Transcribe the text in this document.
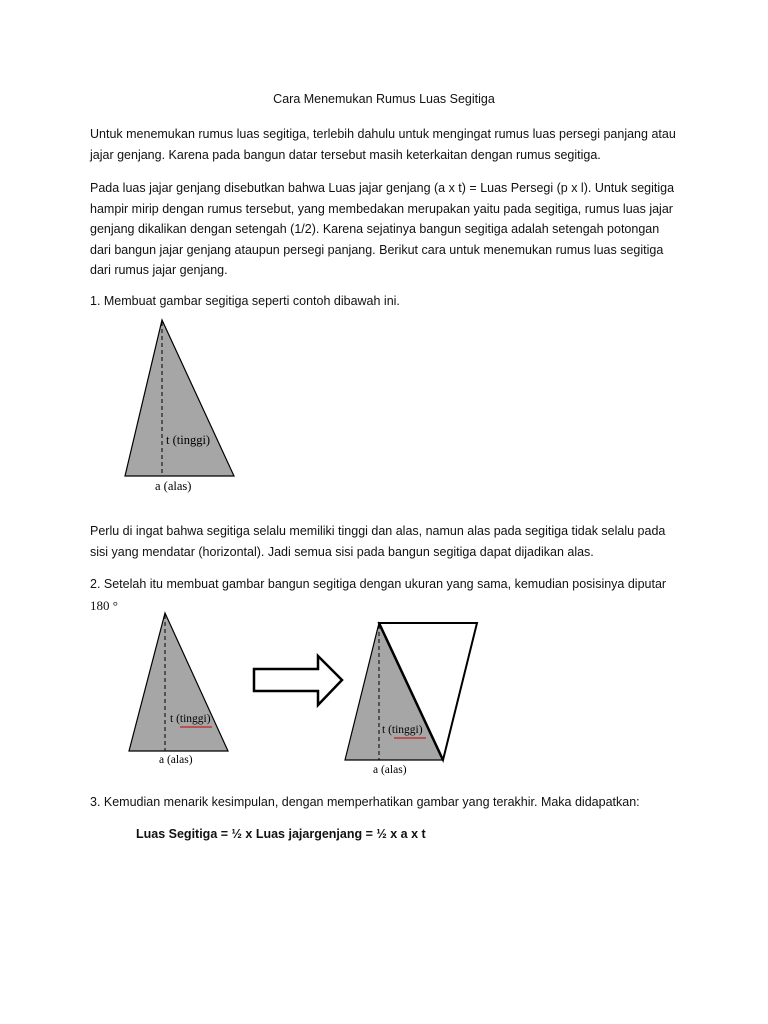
Cara Menemukan Rumus Luas Segitiga

Untuk menemukan rumus luas segitiga, terlebih dahulu untuk mengingat rumus luas persegi panjang atau jajar genjang. Karena pada bangun datar tersebut masih keterkaitan dengan rumus segitiga.

Pada luas jajar genjang disebutkan bahwa Luas jajar genjang (a x t) = Luas Persegi (p x l). Untuk segitiga hampir mirip dengan rumus tersebut, yang membedakan merupakan yaitu pada segitiga, rumus luas jajar genjang dikalikan dengan setengah (1/2). Karena sejatinya bangun segitiga adalah setengah potongan dari bangun jajar genjang ataupun persegi panjang. Berikut cara untuk menemukan rumus luas segitiga dari rumus jajar genjang.

1. Membuat gambar segitiga seperti contoh dibawah ini.

t (tinggi)
a (alas)

Perlu di ingat bahwa segitiga selalu memiliki tinggi dan alas, namun alas pada segitiga tidak selalu pada sisi yang mendatar (horizontal). Jadi semua sisi pada bangun segitiga dapat dijadikan alas.

2. Setelah itu membuat gambar bangun segitiga dengan ukuran yang sama, kemudian posisinya diputar

180 °

t (tinggi)
a (alas)
t (tinggi)
a (alas)

3. Kemudian menarik kesimpulan, dengan memperhatikan gambar yang terakhir. Maka didapatkan:

Luas Segitiga = ½ x Luas jajargenjang = ½ x a x t
